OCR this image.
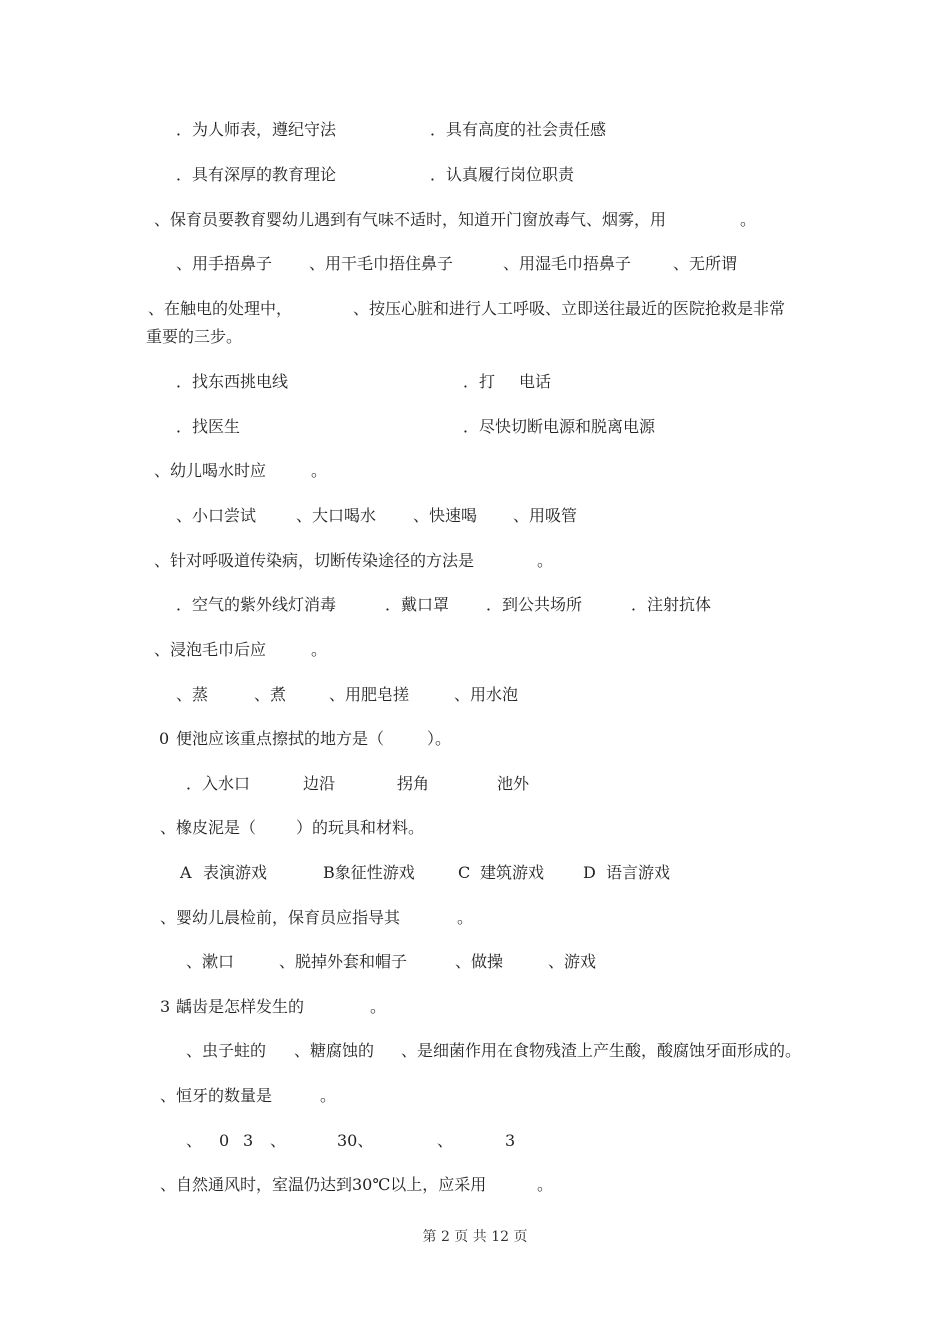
．为人师表，遵纪守法	．具有高度的社会责任感
．具有深厚的教育理论	．认真履行岗位职责
、保育员要教育婴幼儿遇到有气味不适时，知道开门窗放毒气、烟雾，用	。
、用手捂鼻子 、用干毛巾捂住鼻子	、用湿毛巾捂鼻子	、无所谓
、在触电的处理中，	、按压心脏和进行人工呼吸、立即送往最近的医院抢救是非常
重要的三步。
．找东西挑电线	．打 电话
．找医生	．尽快切断电源和脱离电源
、幼儿喝水时应	。
、小口尝试 、大口喝水 、快速喝 、用吸管
、针对呼吸道传染病，切断传染途径的方法是	。
．空气的紫外线灯消毒	．戴口罩 ．到公共场所	．注射抗体
、浸泡毛巾后应	。
、蒸	、煮	、用肥皂搓	、用水泡
0 便池应该重点擦拭的地方是（	）。
．入水口	边沿	拐角	池外
、橡皮泥是（ ）的玩具和材料。
A 表演游戏	B象征性游戏	C 建筑游戏 D 语言游戏
、婴幼儿晨检前，保育员应指导其	。
、漱口	、脱掉外套和帽子	、做操	、游戏
3 龋齿是怎样发生的	。
、虫子蛀的 、糖腐蚀的 、是细菌作用在食物残渣上产生酸，酸腐蚀牙面形成的。
、恒牙的数量是	。
、 0 3 、	30、	、	3
、自然通风时，室温仍达到30℃以上，应采用	。
第 2 页 共 12 页
